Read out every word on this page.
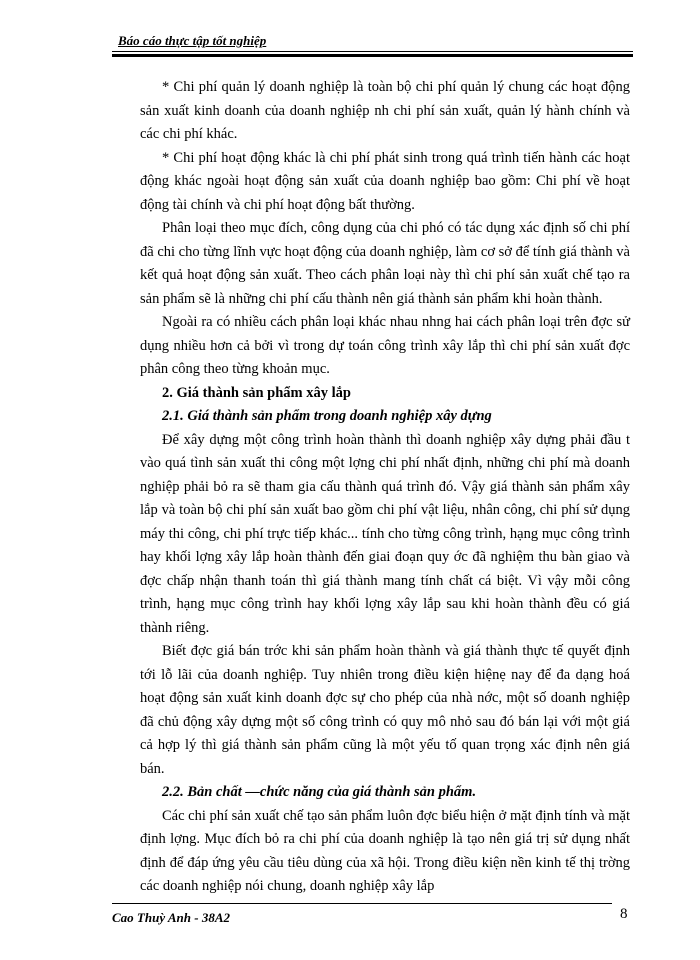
Báo cáo thực tập tốt nghiệp

* Chi phí quản lý doanh nghiệp là toàn bộ chi phí quản lý chung các hoạt động sản xuất kinh doanh của doanh nghiệp nh chi phí sản xuất, quản lý hành chính và các chi phí khác.

* Chi phí hoạt động khác là chi phí phát sinh trong quá trình tiến hành các hoạt động khác ngoài hoạt động sản xuất của doanh nghiệp bao gồm: Chi phí về hoạt động tài chính và chi phí hoạt động bất thường.

Phân loại theo mục đích, công dụng của chi phó có tác dụng xác định số chi phí đã chi cho từng lĩnh vực hoạt động của doanh nghiệp, làm cơ sở để tính giá thành và kết quả hoạt động sản xuất. Theo cách phân loại này thì chi phí sản xuất chế tạo ra sản phẩm sẽ là những chi phí cấu thành nên giá thành sản phẩm khi hoàn thành.

Ngoài ra có nhiều cách phân loại khác nhau nhng hai cách phân loại trên đợc sử dụng nhiều hơn cả bởi vì trong dự toán công trình xây lắp thì chi phí sản xuất đợc phân công theo từng khoản mục.

2. Giá thành sản phẩm xây lắp
2.1. Giá thành sản phẩm trong doanh nghiệp xây dựng

Để xây dựng một công trình hoàn thành thì doanh nghiệp xây dựng phải đầu t vào quá tình sản xuất thi công một lợng chi phí nhất định, những chi phí mà doanh nghiệp phải bỏ ra sẽ tham gia cấu thành quá trình đó. Vậy giá thành sản phẩm xây lắp và toàn bộ chi phí sản xuất bao gồm chi phí vật liệu, nhân công, chi phí sử dụng máy thi công, chi phí trực tiếp khác... tính cho từng công trình, hạng mục công trình hay khối lợng xây lắp hoàn thành đến giai đoạn quy ớc đã nghiệm thu bàn giao và đợc chấp nhận thanh toán thì giá thành mang tính chất cá biệt. Vì vậy mỗi công trình, hạng mục công trình hay khối lợng xây lắp sau khi hoàn thành đều có giá thành riêng.

Biết đợc giá bán trớc khi sản phẩm hoàn thành và giá thành thực tế quyết định tới lỗ lãi của doanh nghiệp. Tuy nhiên trong điều kiện hiệnẹ nay để đa dạng hoá hoạt động sản xuất kinh doanh đợc sự cho phép của nhà nớc, một số doanh nghiệp đã chủ động xây dựng một số công trình có quy mô nhỏ sau đó bán lại với một giá cả hợp lý thì giá thành sản phẩm cũng là một yếu tố quan trọng xác định nên giá bán.

2.2. Bản chất —chức năng của giá thành sản phẩm.

Các chi phí sản xuất chế tạo sản phẩm luôn đợc biểu hiện ở mặt định tính và mặt định lợng. Mục đích bỏ ra chi phí của doanh nghiệp là tạo nên giá trị sử dụng nhất định để đáp ứng yêu cầu tiêu dùng của xã hội. Trong điều kiện nền kinh tế thị trờng các doanh nghiệp nói chung, doanh nghiệp xây lắp

Cao Thuỳ Anh - 38A2	8
